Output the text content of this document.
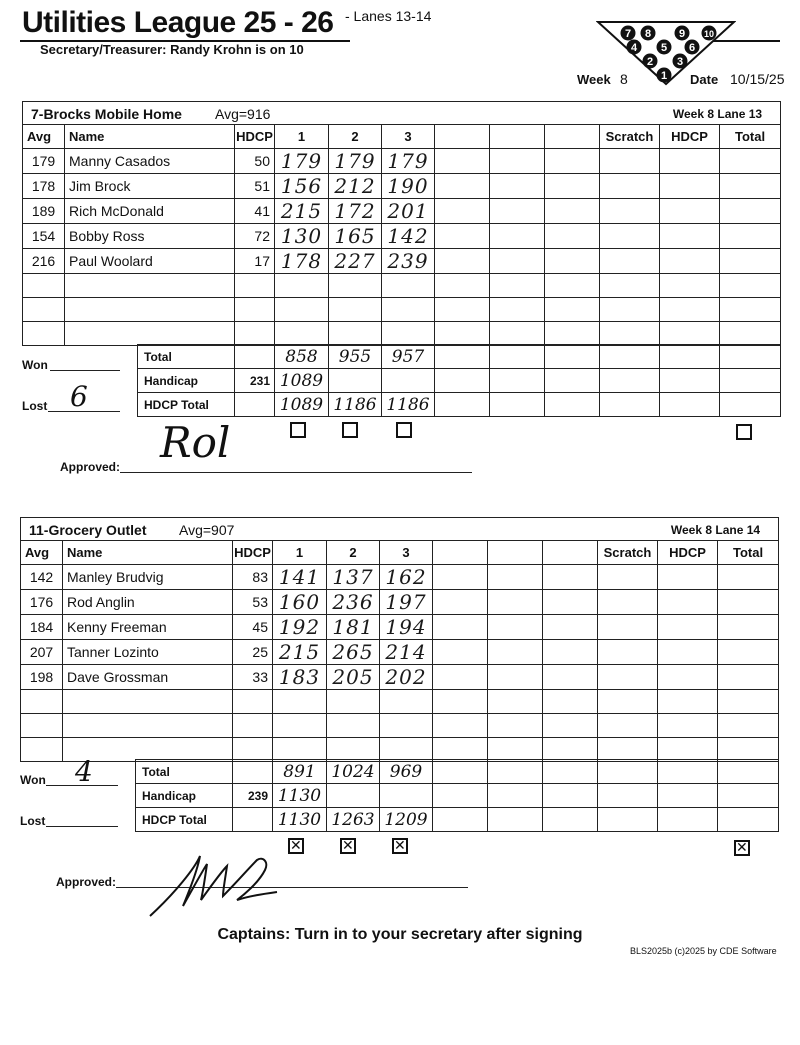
Utilities League 25 - 26 - Lanes 13-14
Secretary/Treasurer: Randy Krohn is on 10
7 8	9 10
4 5 6
2 3
1
Week 8	Date 10/15/25
7-Brocks Mobile Home Avg=916 Week 8 Lane 13											

Avg	Name	HDCP	1	2	3				Scratch	HDCP	Total
179	Manny Casados	50	179	179	179						
178	Jim Brock	51	156	212	190						
189	Rich McDonald	41	215	172	201						
154	Bobby Ross	72	130	165	142						
216	Paul Woolard	17	178	227	239						

Total		858	955	957						
Handicap	231	1089								
HDCP Total		1089	1186	1186						
Won
Lost 6
Approved: Rol
11-Grocery Outlet Avg=907 Week 8 Lane 14											

Avg	Name	HDCP	1	2	3				Scratch	HDCP	Total
142	Manley Brudvig	83	141	137	162						
176	Rod Anglin	53	160	236	197						
184	Kenny Freeman	45	192	181	194						
207	Tanner Lozinto	25	215	265	214						
198	Dave Grossman	33	183	205	202						

Total		891	1024	969						
Handicap	239	1130								
HDCP Total		1130	1263	1209						
Won 4
Lost
✕
✕
✕
✕
Approved:
Captains: Turn in to your secretary after signing
BLS2025b (c)2025 by CDE Software
